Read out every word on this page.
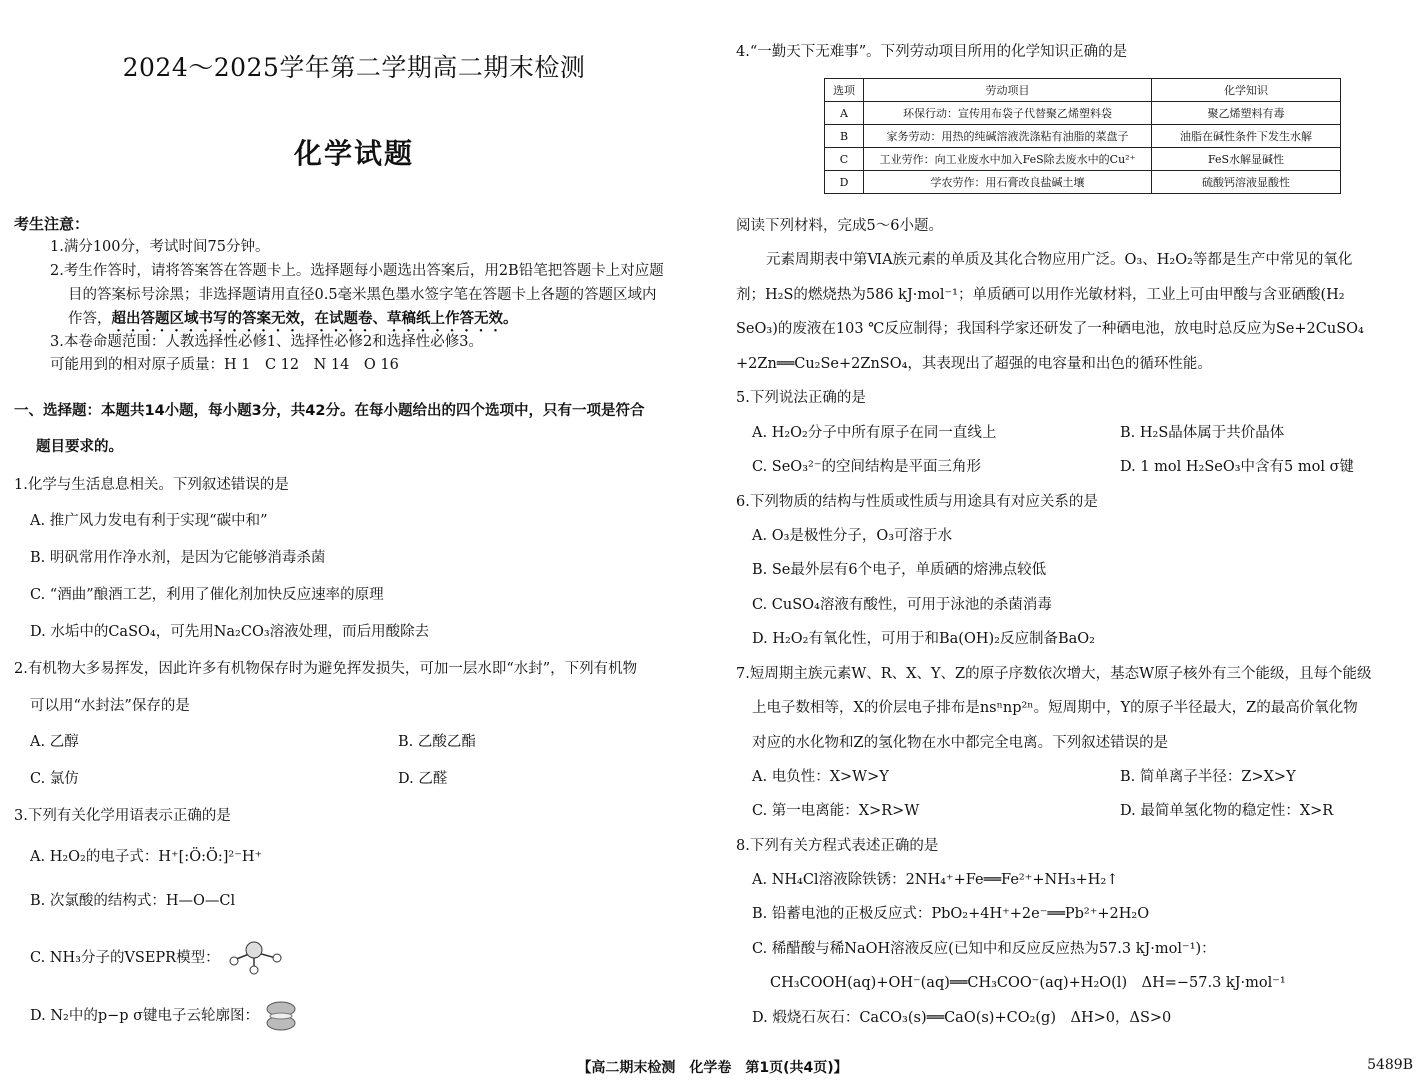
2024～2025学年第二学期高二期末检测
化学试题
考生注意：
1.满分100分，考试时间75分钟。
2.考生作答时，请将答案答在答题卡上。选择题每小题选出答案后，用2B铅笔把答题卡上对应题
目的答案标号涂黑；非选择题请用直径0.5毫米黑色墨水签字笔在答题卡上各题的答题区域内
作答，超出答题区域书写的答案无效，在试题卷、草稿纸上作答无效。
3.本卷命题范围：人教选择性必修1、选择性必修2和选择性必修3。
可能用到的相对原子质量：H 1　C 12　N 14　O 16
一、选择题：本题共14小题，每小题3分，共42分。在每小题给出的四个选项中，只有一项是符合
题目要求的。
1.化学与生活息息相关。下列叙述错误的是
A. 推广风力发电有利于实现“碳中和”
B. 明矾常用作净水剂，是因为它能够消毒杀菌
C. “酒曲”酿酒工艺，利用了催化剂加快反应速率的原理
D. 水垢中的CaSO₄，可先用Na₂CO₃溶液处理，而后用酸除去
2.有机物大多易挥发，因此许多有机物保存时为避免挥发损失，可加一层水即“水封”，下列有机物
可以用“水封法”保存的是
A. 乙醇	B. 乙酸乙酯
C. 氯仿	D. 乙醛
3.下列有关化学用语表示正确的是
A. H₂O₂的电子式：H⁺[:Ö:Ö:]²⁻H⁺
B. 次氯酸的结构式：H—O—Cl
C. NH₃分子的VSEPR模型：
D. N₂中的p−p σ键电子云轮廓图：
4.“一勤天下无难事”。下列劳动项目所用的化学知识正确的是
选项	劳动项目	化学知识
A	环保行动：宣传用布袋子代替聚乙烯塑料袋	聚乙烯塑料有毒
B	家务劳动：用热的纯碱溶液洗涤粘有油脂的菜盘子	油脂在碱性条件下发生水解
C	工业劳作：向工业废水中加入FeS除去废水中的Cu²⁺	FeS水解显碱性
D	学农劳作：用石膏改良盐碱土壤	硫酸钙溶液显酸性
阅读下列材料，完成5～6小题。
元素周期表中第ⅥA族元素的单质及其化合物应用广泛。O₃、H₂O₂等都是生产中常见的氧化
剂；H₂S的燃烧热为586 kJ·mol⁻¹；单质硒可以用作光敏材料，工业上可由甲酸与含亚硒酸(H₂
SeO₃)的废液在103 ℃反应制得；我国科学家还研发了一种硒电池，放电时总反应为Se+2CuSO₄
+2Zn══Cu₂Se+2ZnSO₄，其表现出了超强的电容量和出色的循环性能。
5.下列说法正确的是
A. H₂O₂分子中所有原子在同一直线上	B. H₂S晶体属于共价晶体
C. SeO₃²⁻的空间结构是平面三角形	D. 1 mol H₂SeO₃中含有5 mol σ键
6.下列物质的结构与性质或性质与用途具有对应关系的是
A. O₃是极性分子，O₃可溶于水
B. Se最外层有6个电子，单质硒的熔沸点较低
C. CuSO₄溶液有酸性，可用于泳池的杀菌消毒
D. H₂O₂有氧化性，可用于和Ba(OH)₂反应制备BaO₂
7.短周期主族元素W、R、X、Y、Z的原子序数依次增大，基态W原子核外有三个能级，且每个能级
上电子数相等，X的价层电子排布是nsⁿnp²ⁿ。短周期中，Y的原子半径最大，Z的最高价氧化物
对应的水化物和Z的氢化物在水中都完全电离。下列叙述错误的是
A. 电负性：X>W>Y	B. 简单离子半径：Z>X>Y
C. 第一电离能：X>R>W	D. 最简单氢化物的稳定性：X>R
8.下列有关方程式表述正确的是
A. NH₄Cl溶液除铁锈：2NH₄⁺+Fe══Fe²⁺+NH₃+H₂↑
B. 铅蓄电池的正极反应式：PbO₂+4H⁺+2e⁻══Pb²⁺+2H₂O
C. 稀醋酸与稀NaOH溶液反应(已知中和反应反应热为57.3 kJ·mol⁻¹)：
CH₃COOH(aq)+OH⁻(aq)══CH₃COO⁻(aq)+H₂O(l)　ΔH=−57.3 kJ·mol⁻¹
D. 煅烧石灰石：CaCO₃(s)══CaO(s)+CO₂(g)　ΔH>0，ΔS>0
【高二期末检测　化学卷　第1页(共4页)】	5489B
